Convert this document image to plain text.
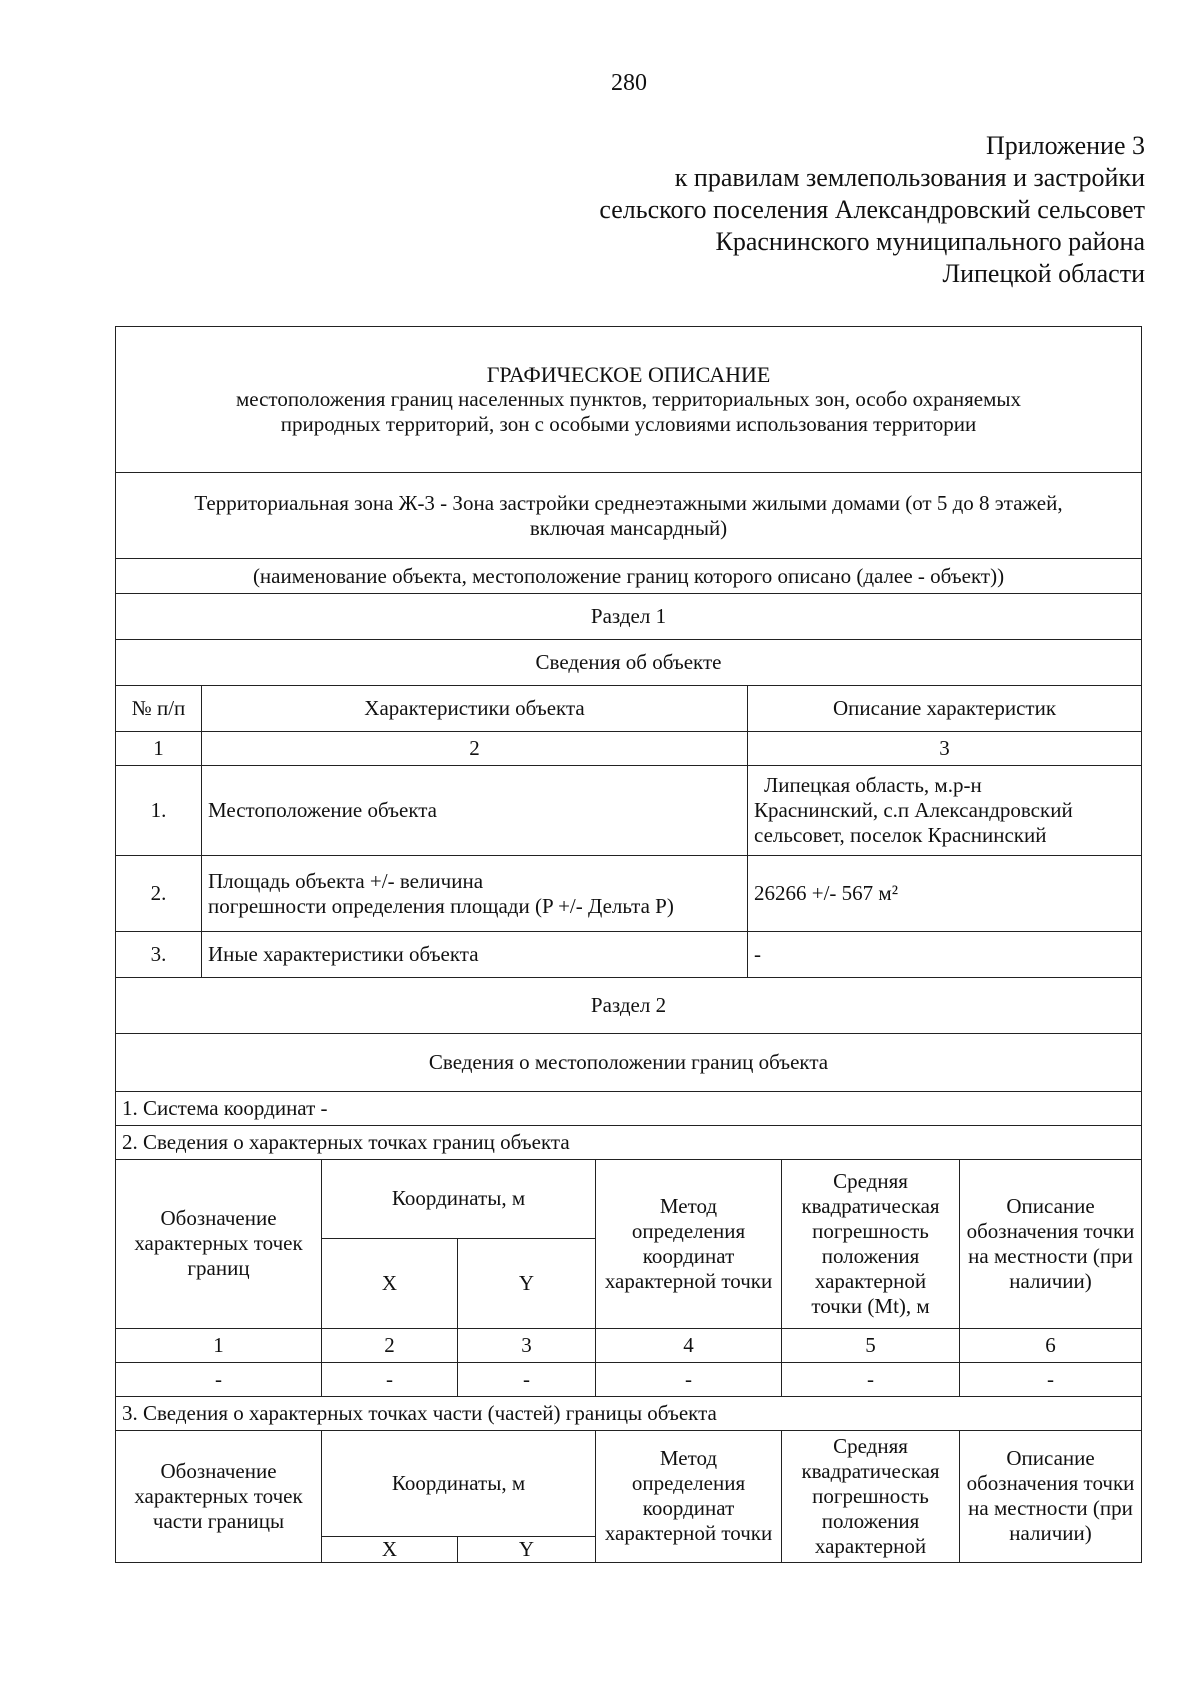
280
Приложение 3
к правилам землепользования и застройки
сельского поселения Александровский сельсовет
Краснинского муниципального района
Липецкой области
ГРАФИЧЕСКОЕ ОПИСАНИЕ
местоположения границ населенных пунктов, территориальных зон, особо охраняемых
природных территорий, зон с особыми условиями использования территории		

Территориальная зона Ж-3 - Зона застройки среднеэтажными жилыми домами (от 5 до 8 этажей,
включая мансардный)		

(наименование объекта, местоположение границ которого описано (далее - объект))		
Раздел 1		
Сведения об объекте		
№ п/п	Характеристики объекта	Описание характеристик
1	2	3
1.	Местоположение объекта	Липецкая область, м.р-н
Краснинский, с.п Александровский
сельсовет, поселок Краснинский

2.	Площадь объекта +/- величина
погрешности определения площади (P +/- Дельта P)	26266 +/- 567 м²
3.	Иные характеристики объекта	-
Раздел 2		
Сведения о местоположении границ объекта		
1. Система координат -		
2. Сведения о характерных точках границ объекта		
Обозначение характерных точек границ	Координаты, м		Метод определения координат характерной точки	Средняя квадратическая погрешность положения характерной точки (Mt), м	Описание обозначения точки на местности (при наличии)
	X	Y			
1	2	3	4	5	6
-	-	-	-	-	-
3. Сведения о характерных точках части (частей) границы объекта					
Обозначение характерных точек части границы	Координаты, м		Метод определения координат характерной точки	Средняя квадратическая погрешность положения характерной	Описание обозначения точки на местности (при наличии)
	X	Y			
